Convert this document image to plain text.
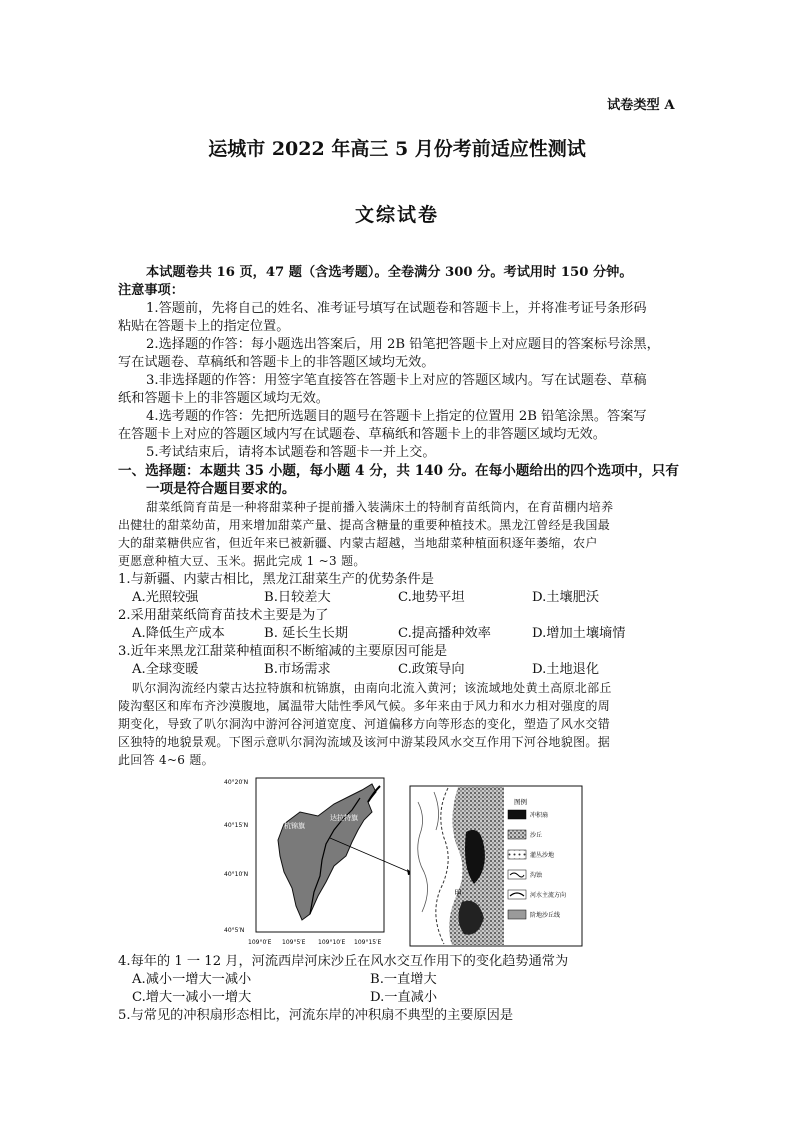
试卷类型 A
运城市 2022 年高三 5 月份考前适应性测试
文综试卷
本试题卷共 16 页，47 题（含选考题）。全卷满分 300 分。考试用时 150 分钟。
注意事项：
1.答题前，先将自己的姓名、准考证号填写在试题卷和答题卡上，并将准考证号条形码
粘贴在答题卡上的指定位置。
2.选择题的作答：每小题选出答案后，用 2B 铅笔把答题卡上对应题目的答案标号涂黑，
写在试题卷、草稿纸和答题卡上的非答题区域均无效。
3.非选择题的作答：用签字笔直接答在答题卡上对应的答题区域内。写在试题卷、草稿
纸和答题卡上的非答题区域均无效。
4.选考题的作答：先把所选题目的题号在答题卡上指定的位置用 2B 铅笔涂黑。答案写
在答题卡上对应的答题区域内写在试题卷、草稿纸和答题卡上的非答题区域均无效。
5.考试结束后，请将本试题卷和答题卡一并上交。
一、选择题：本题共 35 小题，每小题 4 分，共 140 分。在每小题给出的四个选项中，只有
一项是符合题目要求的。
甜菜纸筒育苗是一种将甜菜种子提前播入装满床土的特制育苗纸筒内，在育苗棚内培养
出健壮的甜菜幼苗，用来增加甜菜产量、提高含糖量的重要种植技术。黑龙江曾经是我国最
大的甜菜糖供应省，但近年来已被新疆、内蒙古超越，当地甜菜种植面积逐年萎缩，农户
更愿意种植大豆、玉米。据此完成 1 ~3 题。
1.与新疆、内蒙古相比，黑龙江甜菜生产的优势条件是
A.光照较强	B.日较差大	C.地势平坦	D.土壤肥沃
2.采用甜菜纸筒育苗技术主要是为了
A.降低生产成本	B. 延长生长期	C.提高播种效率	D.增加土壤墒情
3.近年来黑龙江甜菜种植面积不断缩减的主要原因可能是
A.全球变暖	B.市场需求	C.政策导向	D.土地退化
叭尔洞沟流经内蒙古达拉特旗和杭锦旗，由南向北流入黄河；该流域地处黄土高原北部丘
陵沟壑区和库布齐沙漠腹地，属温带大陆性季风气候。多年来由于风力和水力相对强度的周
期变化，导致了叭尔洞沟中游河谷河道宽度、河道偏移方向等形态的变化，塑造了风水交错
区独特的地貌景观。下图示意叭尔洞沟流域及该河中游某段风水交互作用下河谷地貌图。据
此回答 4~6 题。
杭锦旗
达拉特旗
40°20′N
40°15′N
40°10′N
40°5′N
109°0′E 109°5′E 109°10′E 109°15′E
甲
图例
冲积扇
沙丘
灌丛沙地
沟蚀
河水主流方向
阶地沙丘线
4.每年的 1 一 12 月，河流西岸河床沙丘在风水交互作用下的变化趋势通常为
A.减小一增大一减小	B.一直增大
C.增大一减小一增大	D.一直减小
5.与常见的冲积扇形态相比，河流东岸的冲积扇不典型的主要原因是
